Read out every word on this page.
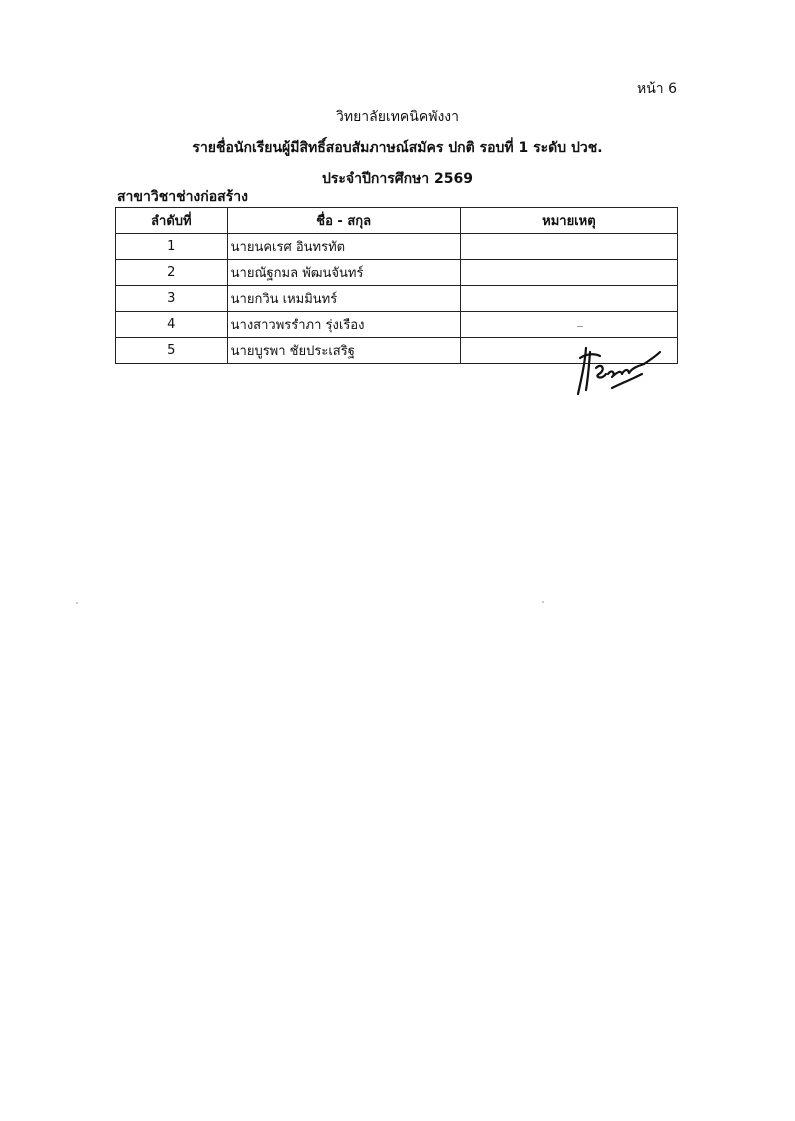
หน้า 6
วิทยาลัยเทคนิคพังงา
รายชื่อนักเรียนผู้มีสิทธิ์สอบสัมภาษณ์สมัคร ปกติ รอบที่ 1 ระดับ ปวช.
ประจำปีการศึกษา 2569
สาขาวิชาช่างก่อสร้าง
ลำดับที่	ชื่อ - สกุล	หมายเหตุ
1	นายนคเรศ อินทรทัต	
2	นายณัฐกมล พัฒนจันทร์	
3	นายกวิน เหมมินทร์	
4	นางสาวพรรำภา รุ่งเรือง	
5	นายบูรพา ชัยประเสริฐ	
